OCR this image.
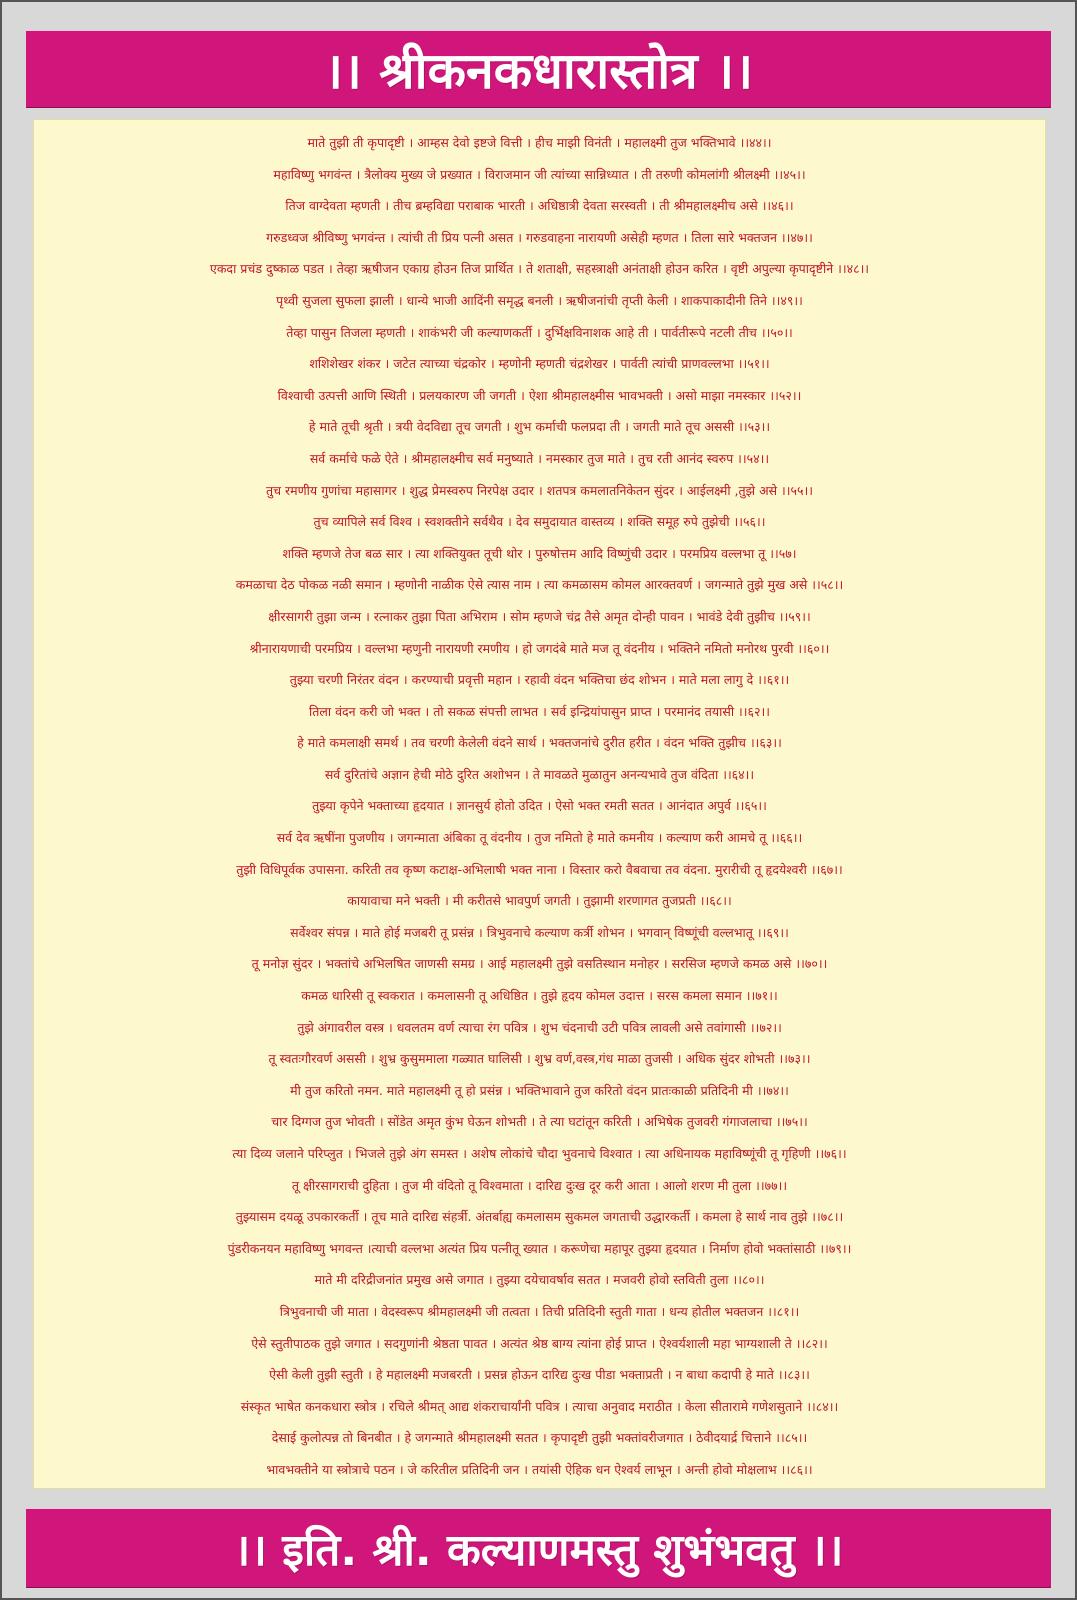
।। श्रीकनकधारास्तोत्र ।।
माते तुझी ती कृपादृष्टी । आम्हस देवो इष्टजे वित्ती । हीच माझी विनंती । महालक्ष्मी तुज भक्तिभावे ।।४४।।
महाविष्णु भगवंन्त । त्रैलोक्य मुख्य जे प्रख्यात । विराजमान जी त्यांच्या सान्निध्यात । ती तरुणी कोमलांगी श्रीलक्ष्मी ।।४५।।
तिज वाग्देवता म्हणती । तीच ब्रम्हविद्या पराबाक भारती । अधिष्ठात्री देवता सरस्वती । ती श्रीमहालक्ष्मीच असे ।।४६।।
गरुडध्वज श्रीविष्णु भगवंन्त । त्यांची ती प्रिय पत्नी असत । गरुडवाहना नारायणी असेही म्हणत । तिला सारे भक्तजन ।।४७।।
एकदा प्रचंड दुष्काळ पडत । तेव्हा ऋषीजन एकाग्र होउन तिज प्रार्थित । ते शताक्षी, सहस्त्राक्षी अनंताक्षी होउन करित । वृष्टी अपुल्या कृपादृष्टीने ।।४८।।
पृथ्वी सुजला सुफला झाली । धान्ये भाजी आदिंनी समृद्ध बनली । ऋषीजनांची तृप्ती केली । शाकपाकादीनी तिने ।।४९।।
तेव्हा पासुन तिजला म्हणती । शाकंभरी जी कल्याणकर्ती । दुर्भिक्षविनाशक आहे ती । पार्वतीरूपे नटली तीच ।।५०।।
शशिशेखर शंकर । जटेत त्याच्या चंद्रकोर । म्हणोनी म्हणती चंद्रशेखर । पार्वती त्यांची प्राणवल्लभा ।।५१।।
विश्वाची उत्पत्ती आणि स्थिती । प्रलयकारण जी जगती । ऐशा श्रीमहालक्ष्मीस भावभक्ती । असो माझा नमस्कार ।।५२।।
हे माते तूची श्रृती । त्रयी वेदविद्या तूच जगती । शुभ कर्माची फलप्रदा ती । जगती माते तूच अससी ।।५३।।
सर्व कर्माचे फळे ऐते । श्रीमहालक्ष्मीच सर्व मनुष्याते । नमस्कार तुज माते । तुच रती आनंद स्वरुप ।।५४।।
तुच रमणीय गुणांचा महासागर । शुद्ध प्रेमस्वरुप निरपेक्ष उदार । शतपत्र कमलातनिकेतन सुंदर । आईलक्ष्मी ,तुझे असे ।।५५।।
तुच व्यापिले सर्व विश्व । स्वशक्तीने सर्वथैव । देव समुदायात वास्तव्य । शक्ति समूह रुपे तुझेची ।।५६।।
शक्ति म्हणजे तेज बळ सार । त्या शक्तियुक्त तूची थोर । पुरुषोत्तम आदि विष्णुंची उदार । परमप्रिय वल्लभा तू ।।५७।
कमळाचा देठ पोकळ नळी समान । म्हणोनी नाळीक ऐसे त्यास नाम । त्या कमळासम कोमल आरक्तवर्ण । जगन्माते तुझे मुख असे ।।५८।।
क्षीरसागरी तुझा जन्म । रत्नाकर तुझा पिता अभिराम । सोम म्हणजे चंद्र तैसे अमृत दोन्ही पावन । भावंडे देवी तुझीच ।।५९।।
श्रीनारायणाची परमप्रिय । वल्लभा म्हणुनी नारायणी रमणीय । हो जगदंबे माते मज तू वंदनीय । भक्तिने नमितो मनोरथ पुरवी ।।६०।।
तुझ्या चरणी निरंतर वंदन । करण्याची प्रवृत्ती महान । रहावी वंदन भक्तिचा छंद शोभन । माते मला लागु दे ।।६१।।
तिला वंदन करी जो भक्त । तो सकळ संपत्ती लाभत । सर्व इन्द्रियांपासुन प्राप्त । परमानंद तयासी ।।६२।।
हे माते कमलाक्षी समर्थ । तव चरणी केलेली वंदने सार्थ । भक्तजनांचे दुरीत हरीत । वंदन भक्ति तुझीच ।।६३।।
सर्व दुरितांचे अज्ञान हेची मोठे दुरित अशोभन । ते मावळते मुळातुन अनन्यभावे तुज वंदिता ।।६४।।
तुझ्या कृपेने भक्ताच्या हृदयात । ज्ञानसुर्य होतो उदित । ऐसो भक्त रमती सतत । आनंदात अपुर्व ।।६५।।
सर्व देव ऋषींना पुजणीय । जगन्माता अंबिका तू वंदनीय । तुज नमितो हे माते कमनीय । कल्याण करी आमचे तू ।।६६।।
तुझी विधिपूर्वक उपासना. करिती तव कृष्ण कटाक्ष-अभिलाषी भक्त नाना । विस्तार करो वैबवाचा तव वंदना. मुरारीची तू हृदयेश्वरी ।।६७।।
कायावाचा मने भक्ती । मी करीतसे भावपुर्ण जगती । तुझामी शरणागत तुजप्रती ।।६८।।
सर्वेश्वर संपन्न । माते होई मजबरी तू प्रसंन्न । त्रिभुवनाचे कल्याण कर्त्री शोभन । भगवान् विष्णूंची वल्लभातू ।।६९।।
तू मनोज्ञ सुंदर । भक्तांचे अभिलषित जाणसी समग्र । आई महालक्ष्मी तुझे वसतिस्थान मनोहर । सरसिज म्हणजे कमळ असे ।।७०।।
कमळ धारिसी तू स्वकरात । कमलासनी तू अधिष्ठित । तुझे हृदय कोमल उदात्त । सरस कमला समान ।।७१।।
तुझे अंगावरील वस्त्र । धवलतम वर्ण त्याचा रंग पवित्र । शुभ चंदनाची उटी पवित्र लावली असे तवांगासी ।।७२।।
तू स्वतःगौरवर्ण अससी । शुभ्र कुसुममाला गळ्यात घालिसी । शुभ्र वर्ण,वस्त्र,गंध माळा तुजसी । अधिक सुंदर शोभती ।।७३।।
मी तुज करितो नमन. माते महालक्ष्मी तू हो प्रसंन्न । भक्तिभावाने तुज करितो वंदन प्रातःकाळी प्रतिदिनी मी ।।७४।।
चार दिग्गज तुज भोवती । सोंडेत अमृत कुंभ घेऊन शोभती । ते त्या घटांतून करिती । अभिषेक तुजवरी गंगाजलाचा ।।७५।।
त्या दिव्य जलाने परिप्लुत । भिजले तुझे अंग समस्त । अशेष लोकांचे चौदा भुवनाचे विश्वात । त्या अधिनायक महाविष्णूंची तू गृहिणी ।।७६।।
तू क्षीरसागराची दुहिता । तुज मी वंदितो तू विश्वमाता । दारिद्य दुःख दूर करी आता । आलो शरण मी तुला ।।७७।।
तुझ्यासम दयळू उपकारकर्ती । तूच माते दारिद्य संहर्त्री. अंतर्बाह्य कमलासम सुकमल जगताची उद्धारकर्ती । कमला हे सार्थ नाव तुझे ।।७८।।
पुंडरीकनयन महाविष्णु भगवन्त ।त्याची वल्लभा अत्यंत प्रिय पत्नीतू ख्यात । करूणेचा महापूर तुझ्या हृदयात । निर्माण होवो भक्तांसाठी ।।७९।।
माते मी दरिद्रीजनांत प्रमुख असे जगात । तुझ्या दयेचावर्षाव सतत । मजवरी होवो स्तविती तुला ।।८०।।
त्रिभुवनाची जी माता । वेदस्वरूप श्रीमहालक्ष्मी जी तत्वता । तिची प्रतिदिनी स्तुती गाता । धन्य होतील भक्तजन ।।८१।।
ऐसे स्तुतीपाठक तुझे जगात । सदगुणांनी श्रेष्ठता पावत । अत्यंत श्रेष्ठ बाग्य त्यांना होई प्राप्त । ऐश्वर्यशाली महा भाग्यशाली ते ।।८२।।
ऐसी केली तुझी स्तुती । हे महालक्ष्मी मजबरती । प्रसन्न होऊन दारिद्य दुःख पीडा भक्ताप्रती । न बाधा कदापी हे माते ।।८३।।
संस्कृत भाषेत कनकधारा स्त्रोत्र । रचिले श्रीमत् आद्य शंकराचार्यांनी पवित्र । त्याचा अनुवाद मराठीत । केला सीतारामे गणेशसुताने ।।८४।।
देसाई कुलोत्पन्न तो बिनबीत । हे जगन्माते श्रीमहालक्ष्मी सतत । कृपादृष्टी तुझी भक्तांवरीजगात । ठेवीदयार्द्र चित्ताने ।।८५।।
भावभक्तीने या स्त्रोत्राचे पठन । जे करितील प्रतिदिनी जन । तयांसी ऐहिक धन ऐश्वर्य लाभून । अन्ती होवो मोक्षलाभ ।।८६।।
।। इति. श्री. कल्याणमस्तु शुभंभवतु ।।
